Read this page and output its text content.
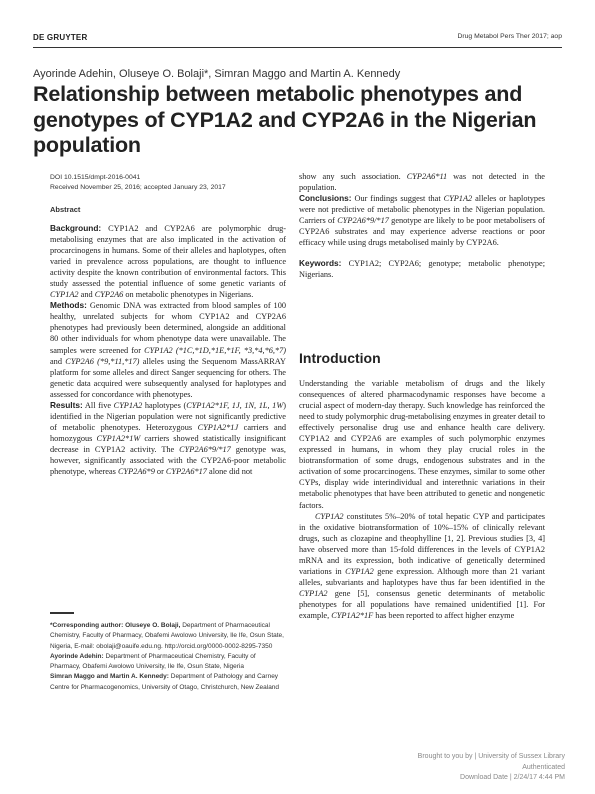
DE GRUYTER	Drug Metabol Pers Ther 2017; aop
Ayorinde Adehin, Oluseye O. Bolaji*, Simran Maggo and Martin A. Kennedy
Relationship between metabolic phenotypes and genotypes of CYP1A2 and CYP2A6 in the Nigerian population
DOI 10.1515/dmpt-2016-0041
Received November 25, 2016; accepted January 23, 2017
Abstract

Background: CYP1A2 and CYP2A6 are polymorphic drug-metabolising enzymes that are also implicated in the activation of procarcinogens in humans. Some of their alleles and haplotypes, often varied in prevalence across populations, are thought to influence activity despite the known contribution of environmental factors. This study assessed the potential influence of some genetic variants of CYP1A2 and CYP2A6 on metabolic phenotypes in Nigerians.

Methods: Genomic DNA was extracted from blood samples of 100 healthy, unrelated subjects for whom CYP1A2 and CYP2A6 phenotypes had previously been determined, alongside an additional 80 other individuals for whom phenotype data were unavailable. The samples were screened for CYP1A2 (*1C,*1D,*1E,*1F, *3,*4,*6,*7) and CYP2A6 (*9,*11,*17) alleles using the Sequenom MassARRAY platform for some alleles and direct Sanger sequencing for others. The genetic data acquired were subsequently analysed for haplotypes and assessed for concordance with phenotypes.

Results: All five CYP1A2 haplotypes (CYP1A2*1F, 1J, 1N, 1L, 1W) identified in the Nigerian population were not significantly predictive of metabolic phenotypes. Heterozygous CYP1A2*1J carriers and homozygous CYP1A2*1W carriers showed statistically insignificant decrease in CYP1A2 activity. The CYP2A6*9/*17 genotype was, however, significantly associated with the CYP2A6-poor metabolic phenotype, whereas CYP2A6*9 or CYP2A6*17 alone did not

show any such association. CYP2A6*11 was not detected in the population.

Conclusions: Our findings suggest that CYP1A2 alleles or haplotypes were not predictive of metabolic phenotypes in the Nigerian population. Carriers of CYP2A6*9/*17 genotype are likely to be poor metabolisers of CYP2A6 substrates and may experience adverse reactions or poor efficacy while using drugs metabolised mainly by CYP2A6.

Keywords: CYP1A2; CYP2A6; genotype; metabolic phenotype; Nigerians.

Introduction

Understanding the variable metabolism of drugs and the likely consequences of altered pharmacodynamic responses have become a crucial aspect of modern-day therapy. Such knowledge has reinforced the need to study polymorphic drug-metabolising enzymes in greater detail to effectively personalise drug use and enhance health care delivery. CYP1A2 and CYP2A6 are examples of such polymorphic enzymes expressed in humans, in whom they play crucial roles in the biotransformation of some drugs, endogenous substrates and in the activation of some procarcinogens. These enzymes, similar to some other CYPs, display wide interindividual and interethnic variations in their metabolic phenotypes that have been attributed to genetic and nongenetic factors.

CYP1A2 constitutes 5%–20% of total hepatic CYP and participates in the oxidative biotransformation of 10%–15% of clinically relevant drugs, such as clozapine and theophylline [1, 2]. Previous studies [3, 4] have observed more than 15-fold differences in the levels of CYP1A2 mRNA and its expression, both indicative of genetically determined variations in CYP1A2 gene expression. Although more than 21 variant alleles, subvariants and haplotypes have thus far been identified in the CYP1A2 gene [5], consensus genetic determinants of metabolic phenotypes for all populations have remained unidentified [1]. For example, CYP1A2*1F has been reported to affect higher enzyme

*Corresponding author: Oluseye O. Bolaji, Department of Pharmaceutical Chemistry, Faculty of Pharmacy, Obafemi Awolowo University, Ile Ife, Osun State, Nigeria, E-mail: obolaji@oauife.edu.ng. http://orcid.org/0000-0002-8295-7350

Ayorinde Adehin: Department of Pharmaceutical Chemistry, Faculty of Pharmacy, Obafemi Awolowo University, Ile Ife, Osun State, Nigeria

Simran Maggo and Martin A. Kennedy: Department of Pathology and Carney Centre for Pharmacogenomics, University of Otago, Christchurch, New Zealand

Brought to you by | University of Sussex Library
Authenticated
Download Date | 2/24/17 4:44 PM
